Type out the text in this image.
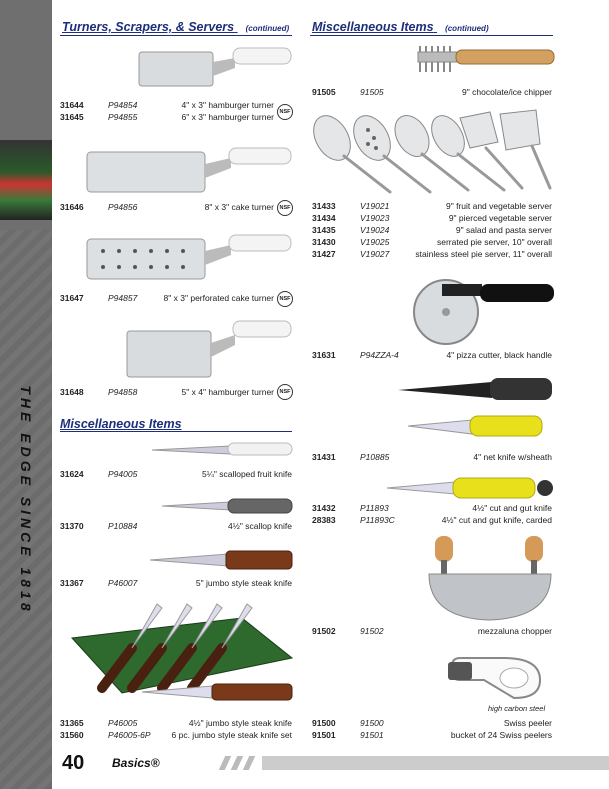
THE EDGE SINCE 1818
Turners, Scrapers, & Servers (continued)
31644	P94854	4" x 3" hamburger turner
31645	P94855	6" x 3" hamburger turner	NSF
31646	P94856	8" x 3" cake turner	NSF
31647	P94857	8" x 3" perforated cake turner	NSF
31648	P94858	5" x 4" hamburger turner	NSF
Miscellaneous Items
31624	P94005	5¼" scalloped fruit knife
31370	P10884	4½" scallop knife
31367	P46007	5" jumbo style steak knife
31365	P46005	4½" jumbo style steak knife
31560	P46005-6P 6 pc. jumbo style steak knife set
Miscellaneous Items (continued)
91505	91505	9" chocolate/ice chipper
31433	V19021	9" fruit and vegetable server
31434	V19023	9" pierced vegetable server
31435	V19024	9" salad and pasta server
31430	V19025	serrated pie server, 10" overall
31427	V19027	stainless steel pie server, 11" overall
31631	P94ZZA-4	4" pizza cutter, black handle
31431	P10885	4" net knife w/sheath
31432	P11893	4½" cut and gut knife
28383	P11893C	4½" cut and gut knife, carded
91502	91502	mezzaluna chopper
high carbon steel
91500	91500	Swiss peeler
91501	91501	bucket of 24 Swiss peelers
40 Basics®
